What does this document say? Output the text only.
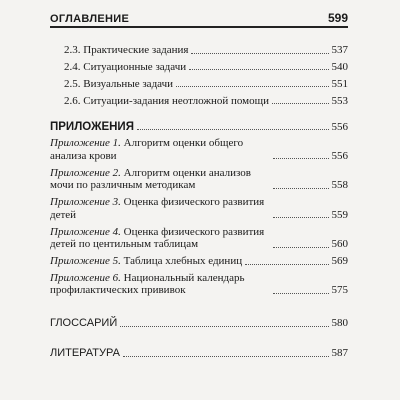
ОГЛАВЛЕНИЕ	599
2.3. Практические задания	537
2.4. Ситуационные задачи	540
2.5. Визуальные задачи	551
2.6. Ситуации-задания неотложной помощи	553
ПРИЛОЖЕНИЯ	556
Приложение 1. Алгоритм оценки общего анализа крови	556
Приложение 2. Алгоритм оценки анализов мочи по различным методикам	558
Приложение 3. Оценка физического развития детей	559
Приложение 4. Оценка физического развития детей по центильным таблицам	560
Приложение 5. Таблица хлебных единиц	569
Приложение 6. Национальный календарь профилактических прививок	575
ГЛОССАРИЙ	580
ЛИТЕРАТУРА	587
